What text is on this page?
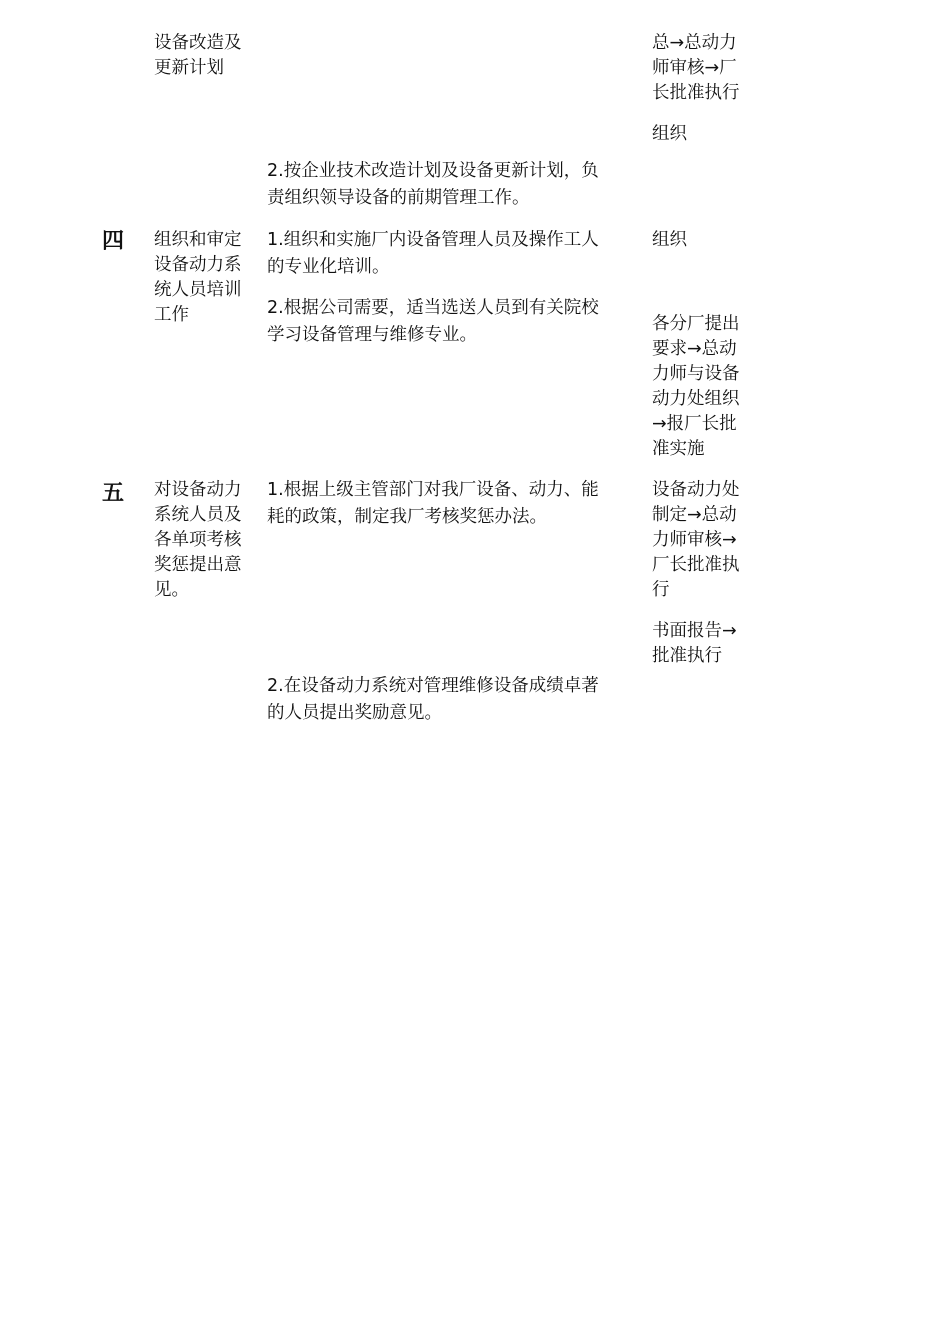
设备改造及
更新计划
总→总动力
师审核→厂
长批准执行
组织
2.按企业技术改造计划及设备更新计划，负
责组织领导设备的前期管理工作。
四 组织和审定
设备动力系
统人员培训
工作
1.组织和实施厂内设备管理人员及操作工人
的专业化培训。
2.根据公司需要，适当选送人员到有关院校
学习设备管理与维修专业。
组织
各分厂提出
要求→总动
力师与设备
动力处组织
→报厂长批
准实施
五 对设备动力
系统人员及
各单项考核
奖惩提出意
见。
1.根据上级主管部门对我厂设备、动力、能
耗的政策，制定我厂考核奖惩办法。
设备动力处
制定→总动
力师审核→
厂长批准执
行
书面报告→
批准执行
2.在设备动力系统对管理维修设备成绩卓著
的人员提出奖励意见。
